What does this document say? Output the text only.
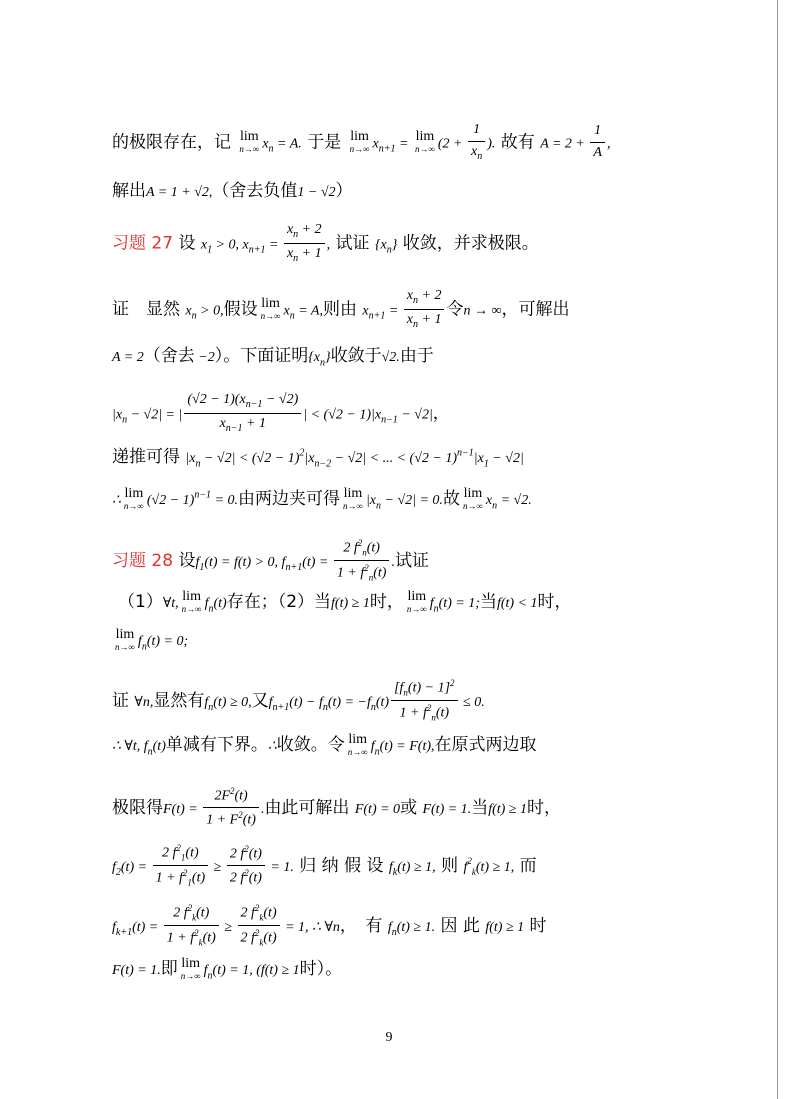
的极限存在，记 lim
n→∞ $x_n = A$. 于是 lim
n→∞ $x_{n+1} = \lim$
n→∞ ($2 + \frac{1}{x_n}$ ). 故有 $A = 2 + \frac{1}{A}$ ,
解出A = 1 + √2,（舍去负值1 − √2）
习题 27 设 $x_1 > 0$, $x_{n+1} = \frac{x_n + 2}{x_n + 1}$ , 试证 $\{x_n\}$ 收敛，并求极限。
证　显然 $x_n > 0$,假设 lim
n→∞ $x_n = A$,则由 $x_{n+1} = \frac{x_n + 2}{x_n + 1}$ 令n → ∞，可解出
A = 2（舍去 −2）。下面证明$\{x_n\}$收敛于√2.由于
$|x_n - √2|$ = | $\frac{(√2 - 1)(x_{n-1} - √2)}{x_{n-1} + 1}$ | < $(√2 - 1)|x_{n-1} - √2|$，
递推可得 $|x_n - √2| < (√2 - 1)^2|x_{n-2} - √2|$ < ... < $(√2 - 1)^{n-1}|x_1 - √2|$
∴ lim
n→∞ $(√2 - 1)^{n-1} = 0$.由两边夹可得 lim
n→∞ $|x_n - √2| = 0$.故 lim
n→∞ $x_n = √2$.
习题 28 设$f_1(t) = f(t) > 0$, $f_{n+1}(t) = \frac{2 f^2_n(t)}{1 + f^2_n(t)}$ .试证
（1）∀t, lim
n→∞ $f_n(t)$存在；（2）当f(t) ≥ 1时， lim
n→∞ $f_n(t) = 1$;当f(t) < 1时，
lim
n→∞ $f_n(t) = 0$;
证 ∀n,显然有$f_n(t) \ge 0$,又$f_{n+1}(t) - f_n(t) = -f_n(t) \frac{[f_n(t) - 1]^2}{1 + f^2_n(t)} \le 0$.
∴ ∀t, $f_n(t)$单减有下界。∴收敛。令 lim
n→∞ $f_n(t) = F(t)$,在原式两边取
极限得$F(t) = \frac{2F^2(t)}{1 + F^2(t)}$ .由此可解出 F(t) = 0或 F(t) = 1.当f(t) ≥ 1时，
$f_2(t) = \frac{2 f^2_1(t)}{1 + f^2_1(t)} \ge \frac{2 f^2(t)}{2 f^2(t)} = 1$. 归 纳 假 设 $f_k(t) \ge 1$, 则 $f^2_k(t) \ge 1$, 而
$f_{k+1}(t) = \frac{2 f^2_k(t)}{1 + f^2_k(t)} \ge \frac{2 f^2_k(t)}{2 f^2_k(t)} = 1$, ∴ ∀n，　有 $f_n(t) \ge 1$. 因 此 f(t) ≥ 1 时
F(t) = 1.即 lim
n→∞ $f_n(t) = 1$, (f(t) ≥ 1时）。
9
